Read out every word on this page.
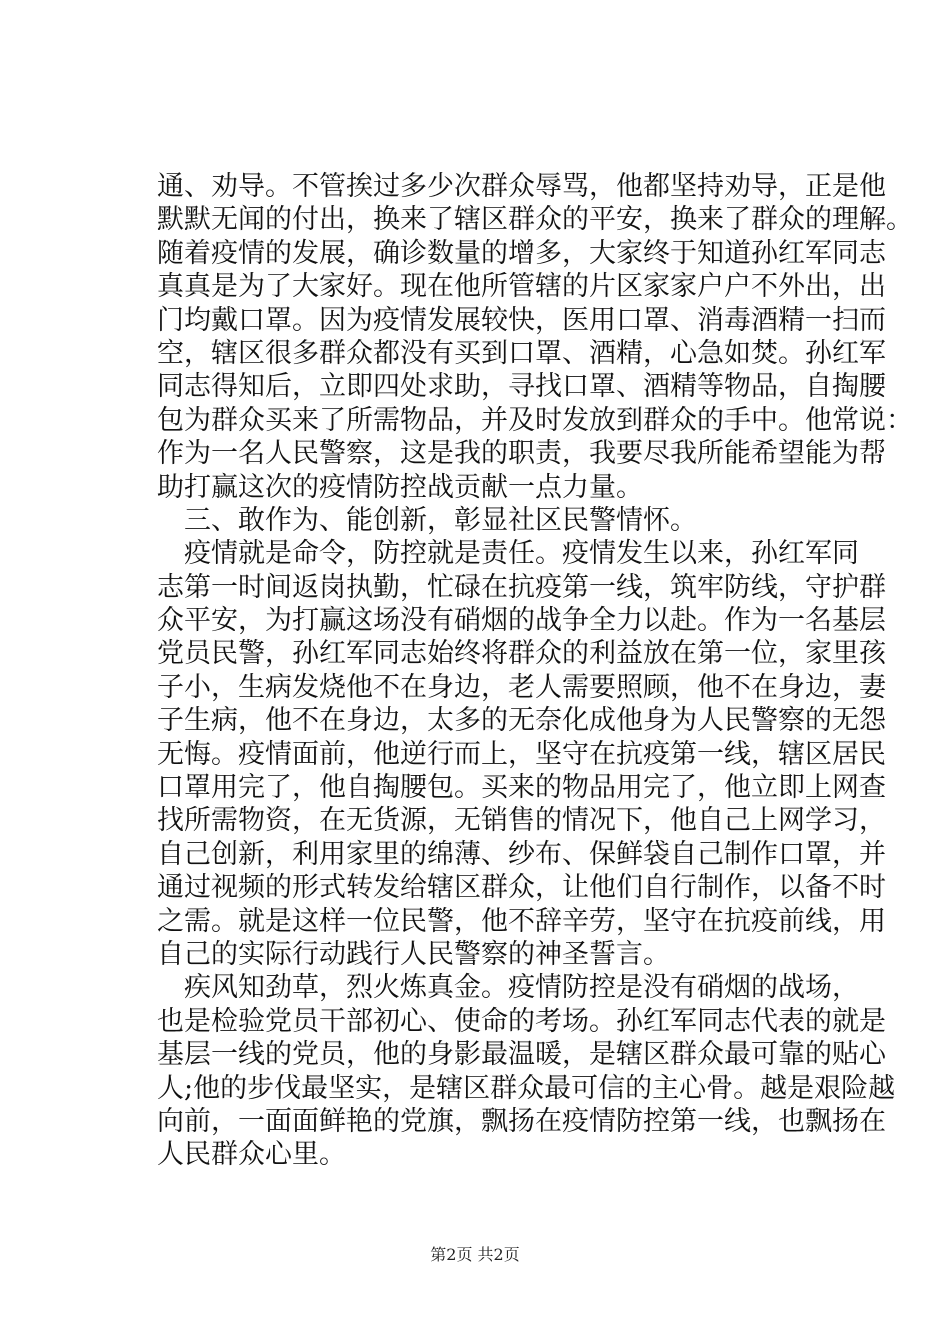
通、劝导。不管挨过多少次群众辱骂，他都坚持劝导，正是他
默默无闻的付出，换来了辖区群众的平安，换来了群众的理解。
随着疫情的发展，确诊数量的增多，大家终于知道孙红军同志
真真是为了大家好。现在他所管辖的片区家家户户不外出，出
门均戴口罩。因为疫情发展较快，医用口罩、消毒酒精一扫而
空，辖区很多群众都没有买到口罩、酒精，心急如焚。孙红军
同志得知后，立即四处求助，寻找口罩、酒精等物品，自掏腰
包为群众买来了所需物品，并及时发放到群众的手中。他常说：
作为一名人民警察，这是我的职责，我要尽我所能希望能为帮
助打赢这次的疫情防控战贡献一点力量。
三、敢作为、能创新，彰显社区民警情怀。
疫情就是命令，防控就是责任。疫情发生以来，孙红军同
志第一时间返岗执勤，忙碌在抗疫第一线，筑牢防线，守护群
众平安，为打赢这场没有硝烟的战争全力以赴。作为一名基层
党员民警，孙红军同志始终将群众的利益放在第一位，家里孩
子小，生病发烧他不在身边，老人需要照顾，他不在身边，妻
子生病，他不在身边，太多的无奈化成他身为人民警察的无怨
无悔。疫情面前，他逆行而上，坚守在抗疫第一线，辖区居民
口罩用完了，他自掏腰包。买来的物品用完了，他立即上网查
找所需物资，在无货源，无销售的情况下，他自己上网学习，
自己创新，利用家里的绵薄、纱布、保鲜袋自己制作口罩，并
通过视频的形式转发给辖区群众，让他们自行制作，以备不时
之需。就是这样一位民警，他不辞辛劳，坚守在抗疫前线，用
自己的实际行动践行人民警察的神圣誓言。
疾风知劲草，烈火炼真金。疫情防控是没有硝烟的战场，
也是检验党员干部初心、使命的考场。孙红军同志代表的就是
基层一线的党员，他的身影最温暖，是辖区群众最可靠的贴心
人;他的步伐最坚实，是辖区群众最可信的主心骨。越是艰险越
向前，一面面鲜艳的党旗，飘扬在疫情防控第一线，也飘扬在
人民群众心里。
第2页 共2页
